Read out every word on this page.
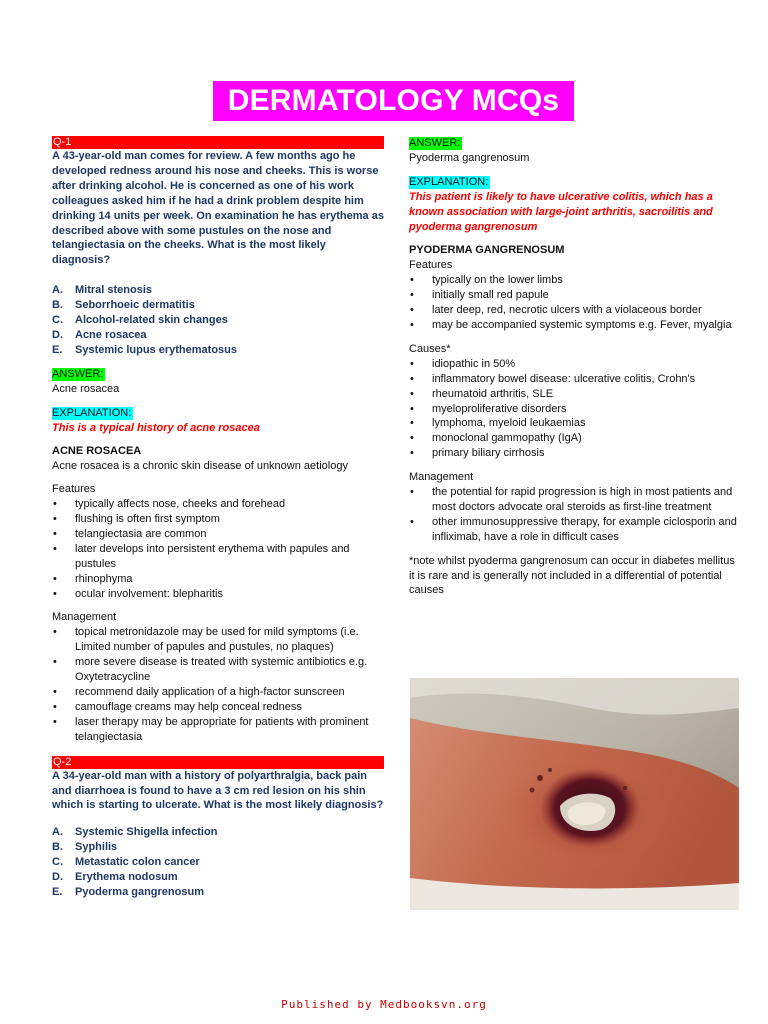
DERMATOLOGY MCQs
Q-1

A 43-year-old man comes for review. A few months ago he developed redness around his nose and cheeks. This is worse after drinking alcohol. He is concerned as one of his work colleagues asked him if he had a drink problem despite him drinking 14 units per week. On examination he has erythema as described above with some pustules on the nose and telangiectasia on the cheeks. What is the most likely diagnosis?

A.	Mitral stenosis
B.	Seborrhoeic dermatitis
C.	Alcohol-related skin changes
D.	Acne rosacea
E.	Systemic lupus erythematosus
ANSWER:
Acne rosacea
EXPLANATION:
This is a typical history of acne rosacea
ACNE ROSACEA
Acne rosacea is a chronic skin disease of unknown aetiology
Features
• typically affects nose, cheeks and forehead
• flushing is often first symptom
• telangiectasia are common
• later develops into persistent erythema with papules and pustules
• rhinophyma
• ocular involvement: blepharitis
Management
• topical metronidazole may be used for mild symptoms (i.e. Limited number of papules and pustules, no plaques)
• more severe disease is treated with systemic antibiotics e.g. Oxytetracycline
• recommend daily application of a high-factor sunscreen
• camouflage creams may help conceal redness
• laser therapy may be appropriate for patients with prominent telangiectasia
Q-2

A 34-year-old man with a history of polyarthralgia, back pain and diarrhoea is found to have a 3 cm red lesion on his shin which is starting to ulcerate. What is the most likely diagnosis?

A.	Systemic Shigella infection
B.	Syphilis
C.	Metastatic colon cancer
D.	Erythema nodosum
E.	Pyoderma gangrenosum
ANSWER:
Pyoderma gangrenosum
EXPLANATION:
This patient is likely to have ulcerative colitis, which has a known association with large-joint arthritis, sacroilitis and pyoderma gangrenosum
PYODERMA GANGRENOSUM
Features
• typically on the lower limbs
• initially small red papule
• later deep, red, necrotic ulcers with a violaceous border
• may be accompanied systemic symptoms e.g. Fever, myalgia
Causes*
• idiopathic in 50%
• inflammatory bowel disease: ulcerative colitis, Crohn's
• rheumatoid arthritis, SLE
• myeloproliferative disorders
• lymphoma, myeloid leukaemias
• monoclonal gammopathy (IgA)
• primary biliary cirrhosis
Management
• the potential for rapid progression is high in most patients and most doctors advocate oral steroids as first-line treatment
• other immunosuppressive therapy, for example ciclosporin and infliximab, have a role in difficult cases

*note whilst pyoderma gangrenosum can occur in diabetes mellitus it is rare and is generally not included in a differential of potential causes

Published by Medbooksvn.org
